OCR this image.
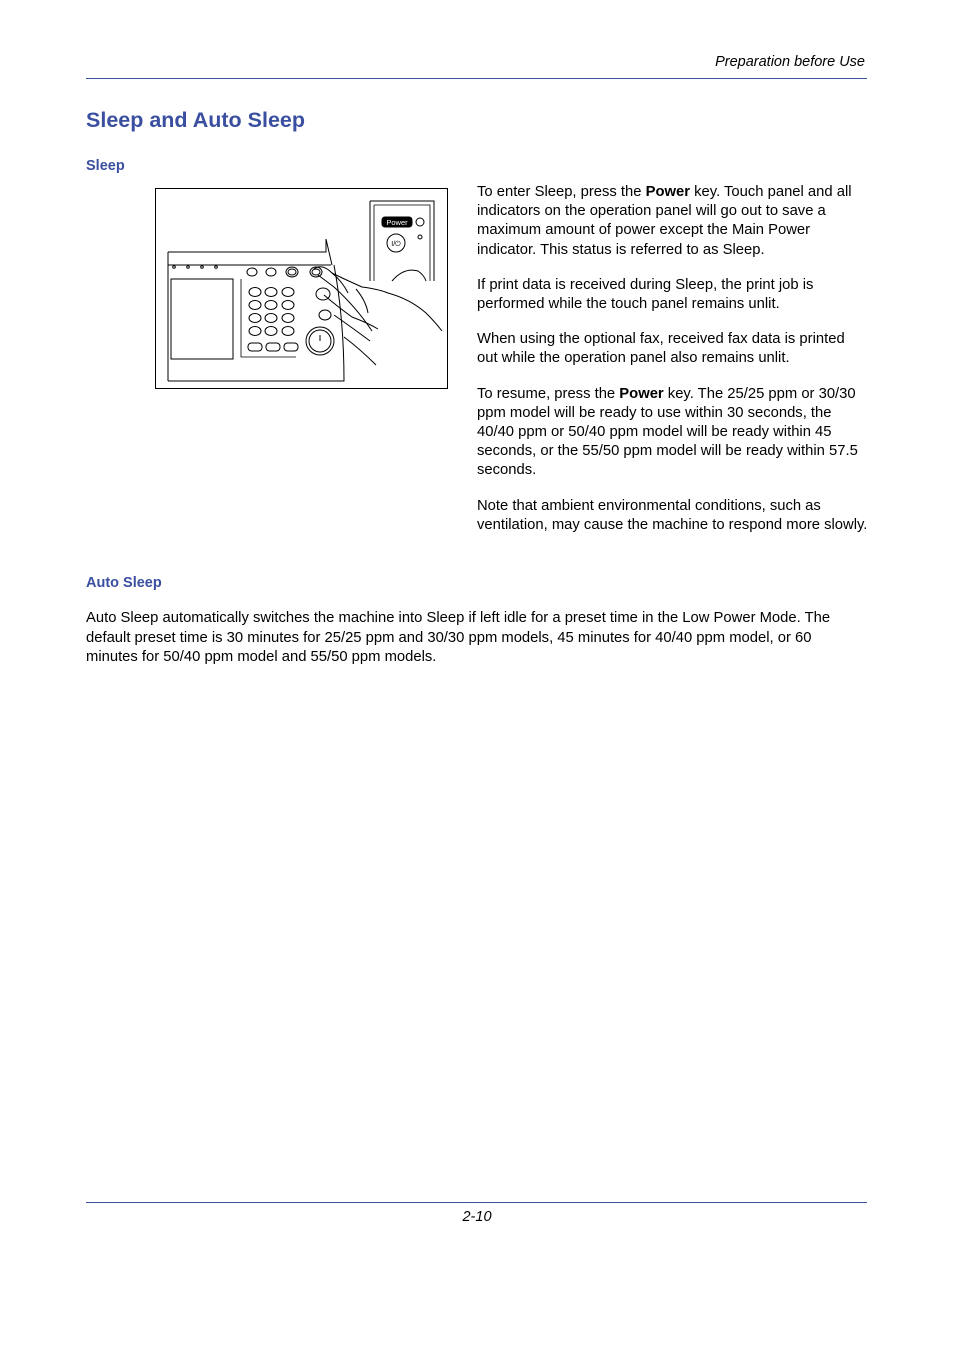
Preparation before Use
Sleep and Auto Sleep
Sleep
Power
I/⏻

To enter Sleep, press the Power key. Touch panel and all indicators on the operation panel will go out to save a maximum amount of power except the Main Power indicator. This status is referred to as Sleep.

If print data is received during Sleep, the print job is performed while the touch panel remains unlit.

When using the optional fax, received fax data is printed out while the operation panel also remains unlit.

To resume, press the Power key. The 25/25 ppm or 30/30 ppm model will be ready to use within 30 seconds, the 40/40 ppm or 50/40 ppm model will be ready within 45 seconds, or the 55/50 ppm model will be ready within 57.5 seconds.

Note that ambient environmental conditions, such as ventilation, may cause the machine to respond more slowly.

Auto Sleep

Auto Sleep automatically switches the machine into Sleep if left idle for a preset time in the Low Power Mode. The default preset time is 30 minutes for 25/25 ppm and 30/30 ppm models, 45 minutes for 40/40 ppm model, or 60 minutes for 50/40 ppm model and 55/50 ppm models.

2-10
